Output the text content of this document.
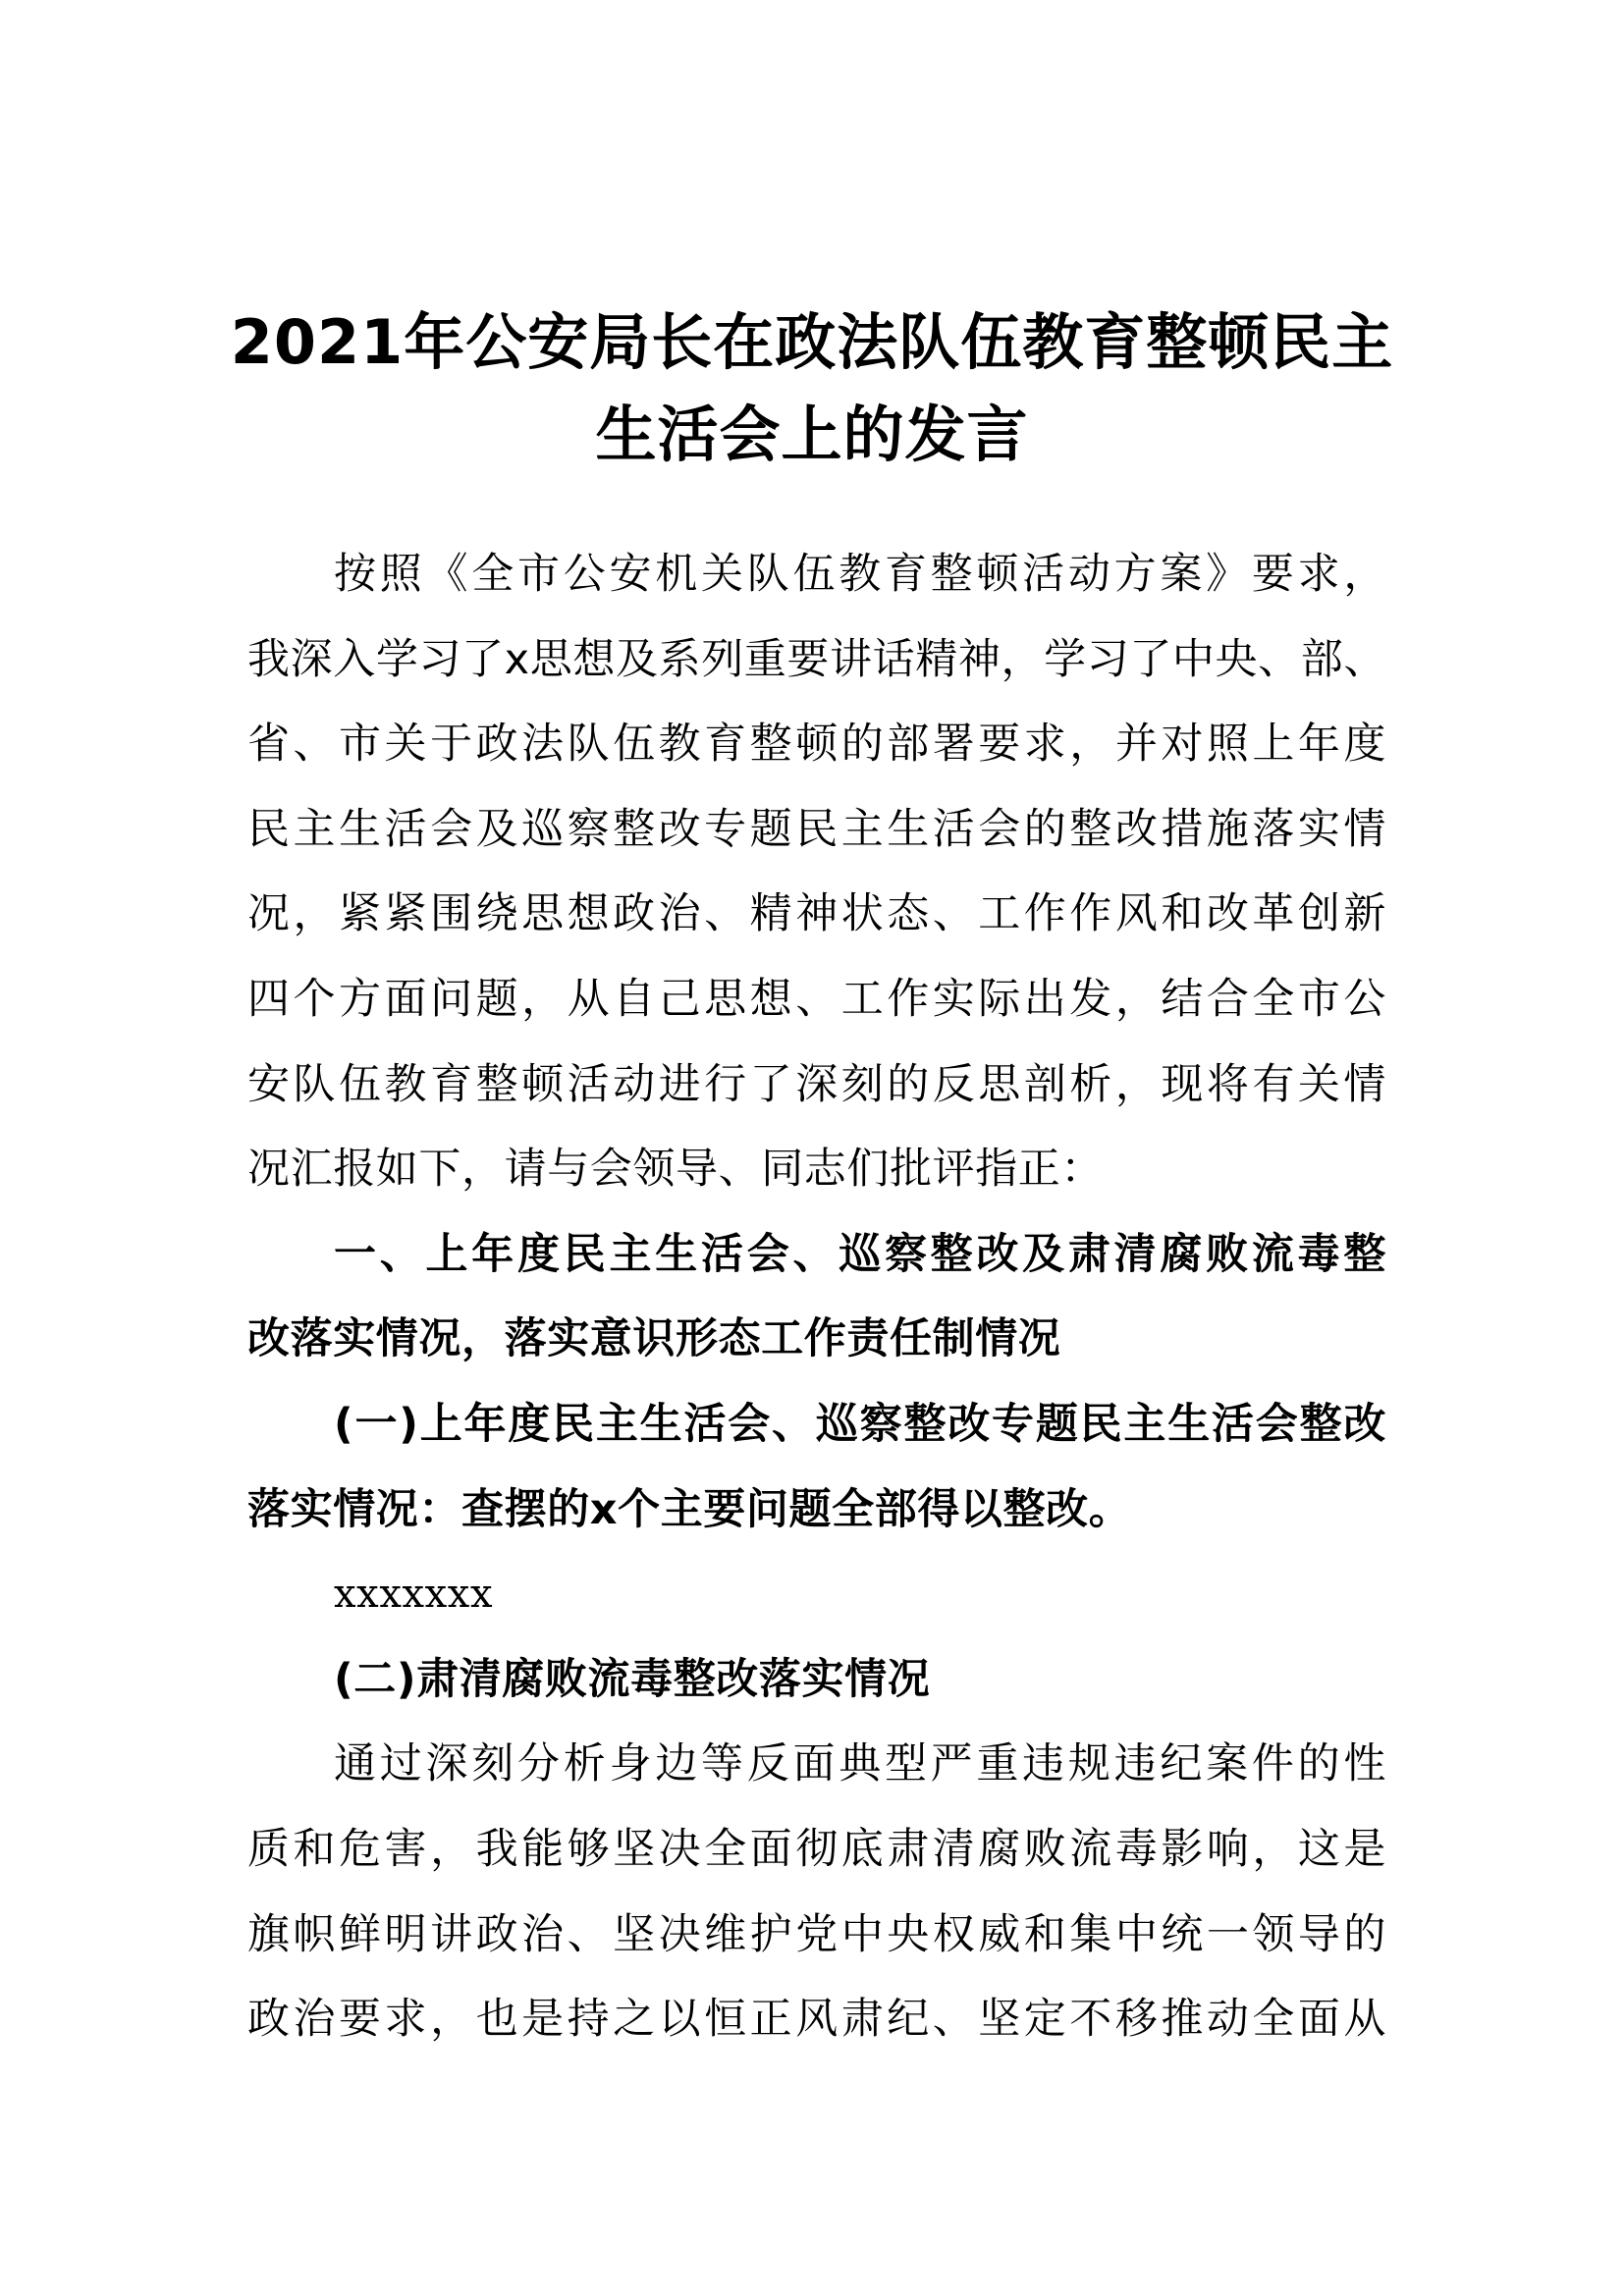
2021年公安局长在政法队伍教育整顿民主
生活会上的发言

按照《全市公安机关队伍教育整顿活动方案》要求，
我深入学习了x思想及系列重要讲话精神，学习了中央、部、
省、市关于政法队伍教育整顿的部署要求，并对照上年度
民主生活会及巡察整改专题民主生活会的整改措施落实情
况，紧紧围绕思想政治、精神状态、工作作风和改革创新
四个方面问题，从自己思想、工作实际出发，结合全市公
安队伍教育整顿活动进行了深刻的反思剖析，现将有关情
况汇报如下，请与会领导、同志们批评指正：

一、上年度民主生活会、巡察整改及肃清腐败流毒整
改落实情况，落实意识形态工作责任制情况

(一)上年度民主生活会、巡察整改专题民主生活会整改
落实情况：查摆的x个主要问题全部得以整改。

xxxxxxx

(二)肃清腐败流毒整改落实情况

通过深刻分析身边等反面典型严重违规违纪案件的性
质和危害，我能够坚决全面彻底肃清腐败流毒影响，这是
旗帜鲜明讲政治、坚决维护党中央权威和集中统一领导的
政治要求，也是持之以恒正风肃纪、坚定不移推动全面从
